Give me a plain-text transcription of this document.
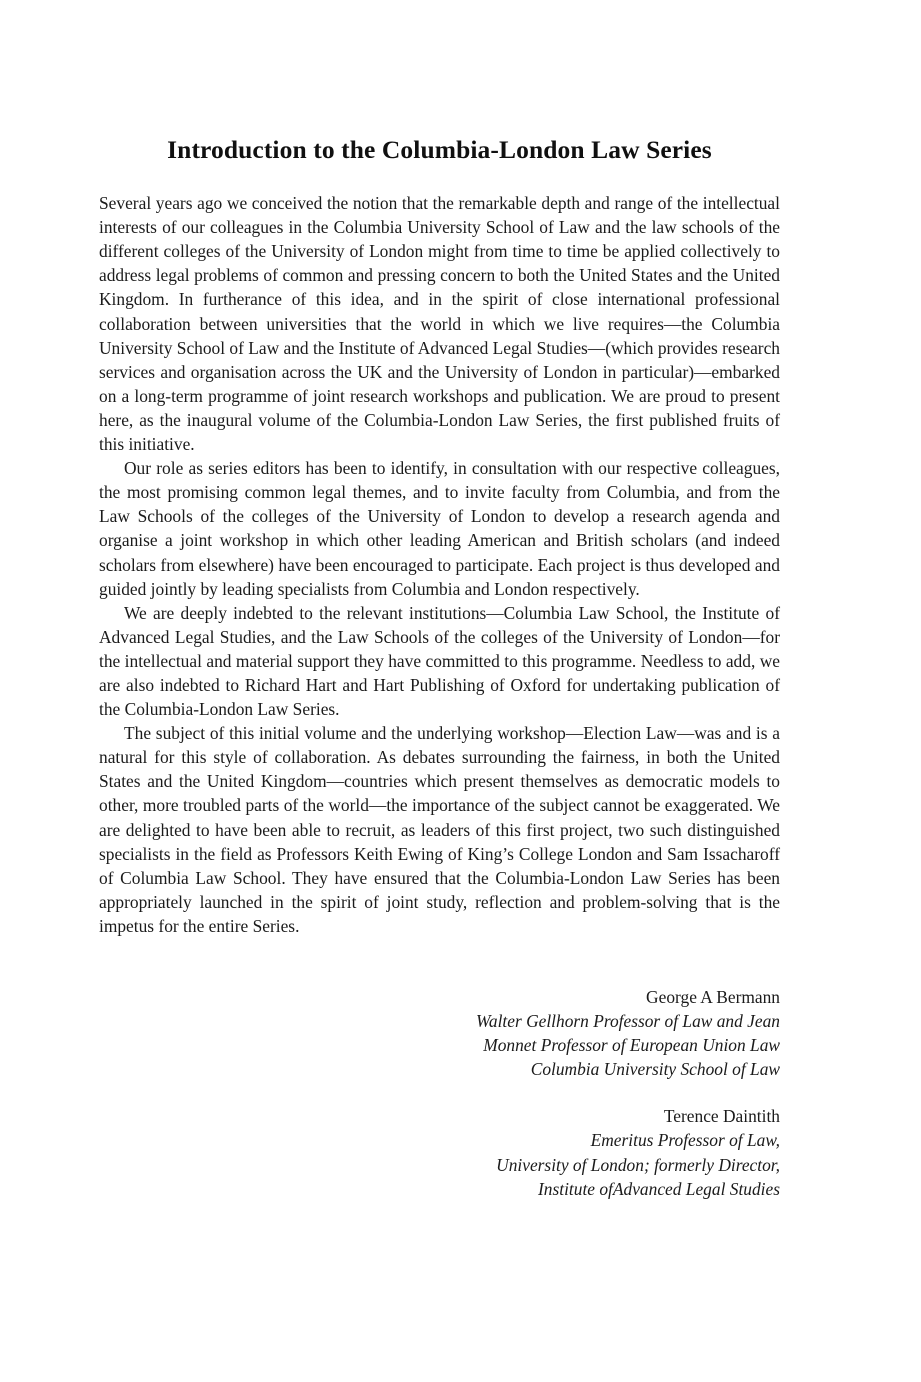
Introduction to the Columbia-London Law Series

Several years ago we conceived the notion that the remarkable depth and range of the intellectual interests of our colleagues in the Columbia University School of Law and the law schools of the different colleges of the University of London might from time to time be applied collectively to address legal problems of common and pressing concern to both the United States and the United Kingdom. In furtherance of this idea, and in the spirit of close international professional collaboration between universities that the world in which we live requires—the Columbia University School of Law and the Institute of Advanced Legal Studies—(which provides research services and organisation across the UK and the University of London in particular)—embarked on a long-term programme of joint research workshops and publication. We are proud to present here, as the inaugural volume of the Columbia-London Law Series, the first published fruits of this initiative.

Our role as series editors has been to identify, in consultation with our respective colleagues, the most promising common legal themes, and to invite faculty from Columbia, and from the Law Schools of the colleges of the University of London to develop a research agenda and organise a joint workshop in which other leading American and British scholars (and indeed scholars from elsewhere) have been encouraged to participate. Each project is thus developed and guided jointly by leading specialists from Columbia and London respectively.

We are deeply indebted to the relevant institutions—Columbia Law School, the Institute of Advanced Legal Studies, and the Law Schools of the colleges of the University of London—for the intellectual and material support they have committed to this programme. Needless to add, we are also indebted to Richard Hart and Hart Publishing of Oxford for undertaking publication of the Columbia-London Law Series.

The subject of this initial volume and the underlying workshop—Election Law—was and is a natural for this style of collaboration. As debates surrounding the fairness, in both the United States and the United Kingdom—countries which present themselves as democratic models to other, more troubled parts of the world—the importance of the subject cannot be exaggerated. We are delighted to have been able to recruit, as leaders of this first project, two such distinguished specialists in the field as Professors Keith Ewing of King’s College London and Sam Issacharoff of Columbia Law School. They have ensured that the Columbia-London Law Series has been appropriately launched in the spirit of joint study, reflection and problem-solving that is the impetus for the entire Series.

George A Bermann
Walter Gellhorn Professor of Law and Jean
Monnet Professor of European Union Law
Columbia University School of Law
Terence Daintith
Emeritus Professor of Law,
University of London; formerly Director,
Institute ofAdvanced Legal Studies
